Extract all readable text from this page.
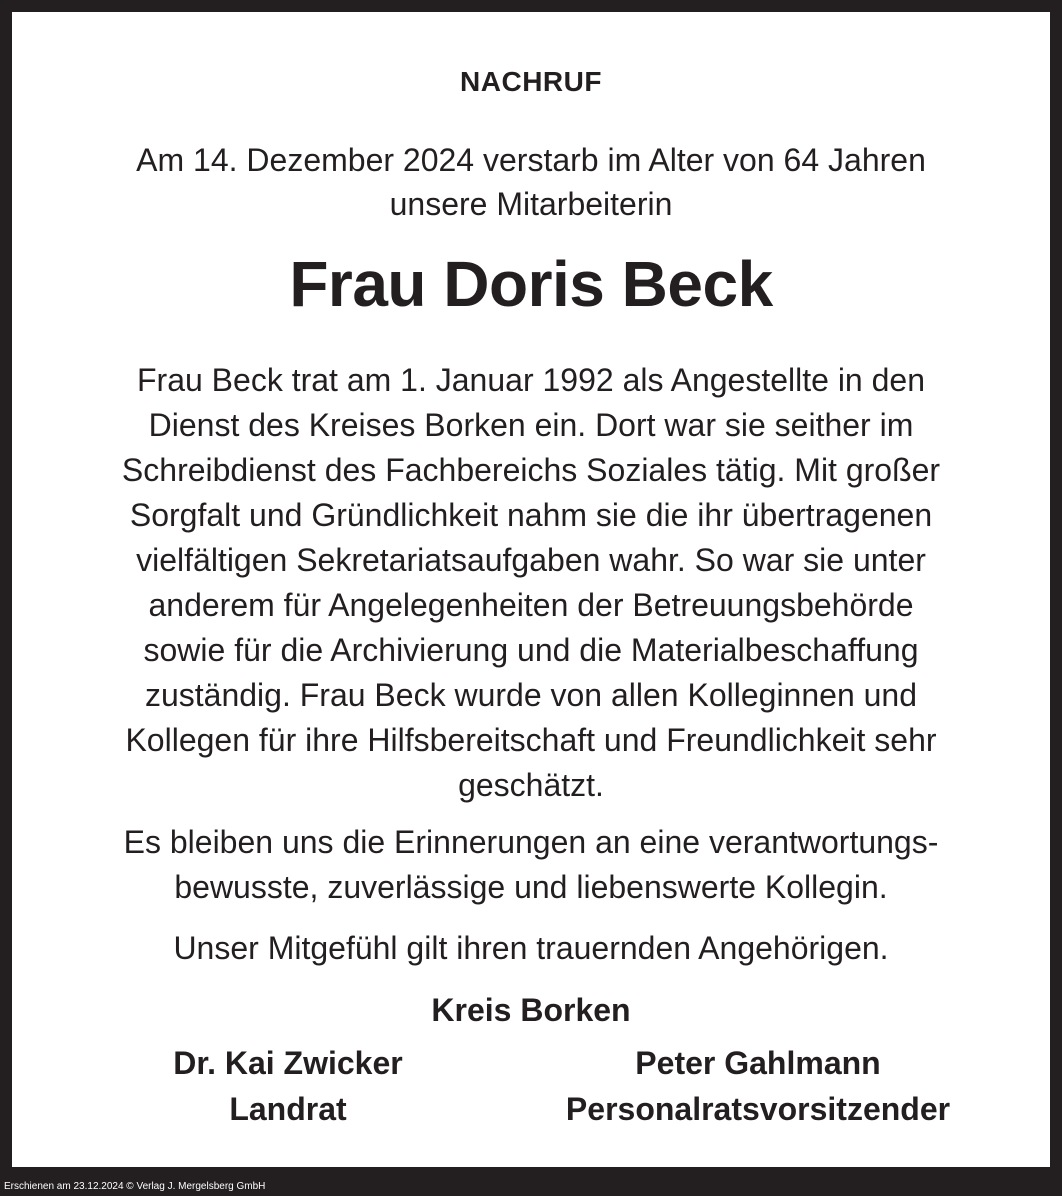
NACHRUF
Am 14. Dezember 2024 verstarb im Alter von 64 Jahren
unsere Mitarbeiterin
Frau Doris Beck
Frau Beck trat am 1. Januar 1992 als Angestellte in den
Dienst des Kreises Borken ein. Dort war sie seither im
Schreibdienst des Fachbereichs Soziales tätig. Mit großer
Sorgfalt und Gründlichkeit nahm sie die ihr übertragenen
vielfältigen Sekretariatsaufgaben wahr. So war sie unter
anderem für Angelegenheiten der Betreuungsbehörde
sowie für die Archivierung und die Materialbeschaffung
zuständig. Frau Beck wurde von allen Kolleginnen und
Kollegen für ihre Hilfsbereitschaft und Freundlichkeit sehr
geschätzt.
Es bleiben uns die Erinnerungen an eine verantwortungs-
bewusste, zuverlässige und liebenswerte Kollegin.
Unser Mitgefühl gilt ihren trauernden Angehörigen.
Kreis Borken
Dr. Kai Zwicker
Landrat
Peter Gahlmann
Personalratsvorsitzender
Erschienen am 23.12.2024 © Verlag J. Mergelsberg GmbH
